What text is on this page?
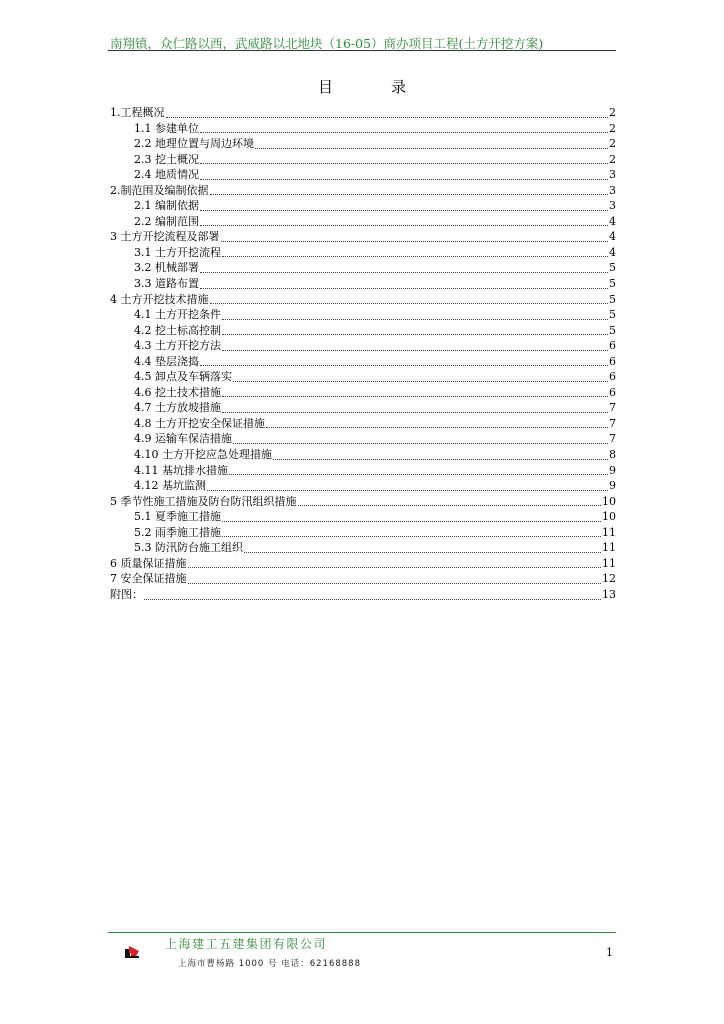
南翔镇，众仁路以西，武威路以北地块（16-05）商办项目工程(土方开挖方案)
目	录
1.工程概况	2
1.1 参建单位	2
2.2 地理位置与周边环境	2
2.3 挖土概况	2
2.4 地质情况	3
2.制范围及编制依据	3
2.1 编制依据	3
2.2 编制范围	4
3 土方开挖流程及部署	4
3.1 土方开挖流程	4
3.2 机械部署	5
3.3 道路布置	5
4 土方开挖技术措施	5
4.1 土方开挖条件	5
4.2 挖土标高控制	5
4.3 土方开挖方法	6
4.4 垫层浇捣	6
4.5 卸点及车辆落实	6
4.6 挖土技术措施	6
4.7 土方放坡措施	7
4.8 土方开挖安全保证措施	7
4.9 运输车保洁措施	7
4.10 土方开挖应急处理措施	8
4.11 基坑排水措施	9
4.12 基坑监测	9
5 季节性施工措施及防台防汛组织措施	10
5.1 夏季施工措施	10
5.2 雨季施工措施	11
5.3 防汛防台施工组织	11
6 质量保证措施	11
7 安全保证措施	12
附图：	13
上海建工五建集团有限公司
上海市曹杨路 1000 号 电话：62168888
1
